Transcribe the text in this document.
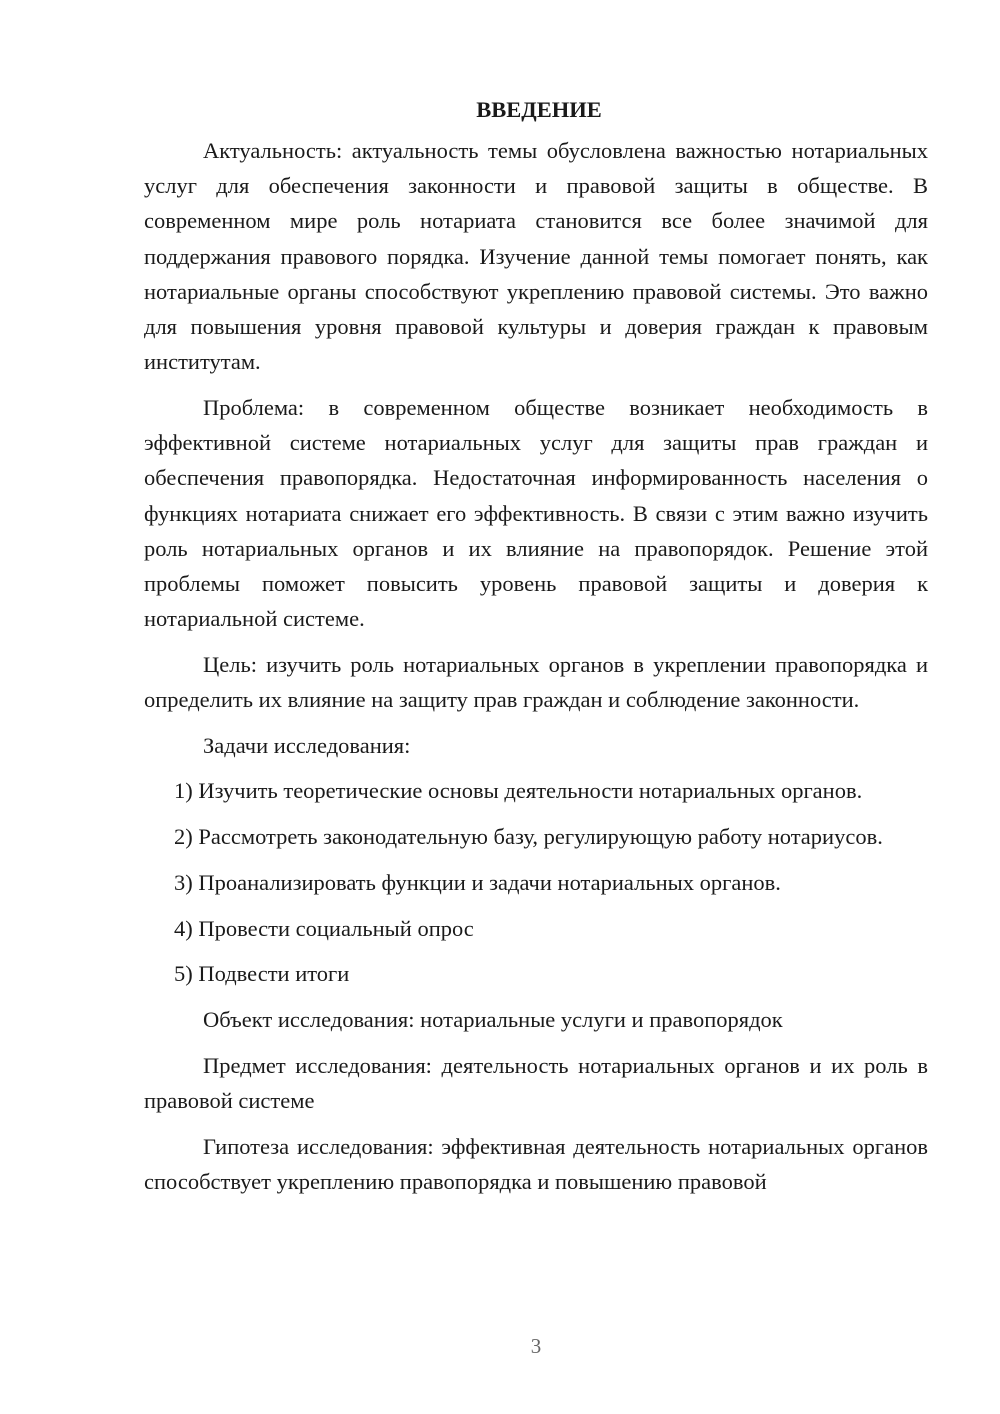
ВВЕДЕНИЕ

Актуальность: актуальность темы обусловлена важностью нотариальных услуг для обеспечения законности и правовой защиты в обществе. В современном мире роль нотариата становится все более значимой для поддержания правового порядка. Изучение данной темы помогает понять, как нотариальные органы способствуют укреплению правовой системы. Это важно для повышения уровня правовой культуры и доверия граждан к правовым институтам.

Проблема: в современном обществе возникает необходимость в эффективной системе нотариальных услуг для защиты прав граждан и обеспечения правопорядка. Недостаточная информированность населения о функциях нотариата снижает его эффективность. В связи с этим важно изучить роль нотариальных органов и их влияние на правопорядок. Решение этой проблемы поможет повысить уровень правовой защиты и доверия к нотариальной системе.

Цель: изучить роль нотариальных органов в укреплении правопорядка и определить их влияние на защиту прав граждан и соблюдение законности.

Задачи исследования:

1) Изучить теоретические основы деятельности нотариальных органов.

2) Рассмотреть законодательную базу, регулирующую работу нотариусов.

3) Проанализировать функции и задачи нотариальных органов.

4) Провести социальный опрос

5) Подвести итоги

Объект исследования: нотариальные услуги и правопорядок

Предмет исследования: деятельность нотариальных органов и их роль в правовой системе

Гипотеза исследования: эффективная деятельность нотариальных органов способствует укреплению правопорядка и повышению правовой

3
